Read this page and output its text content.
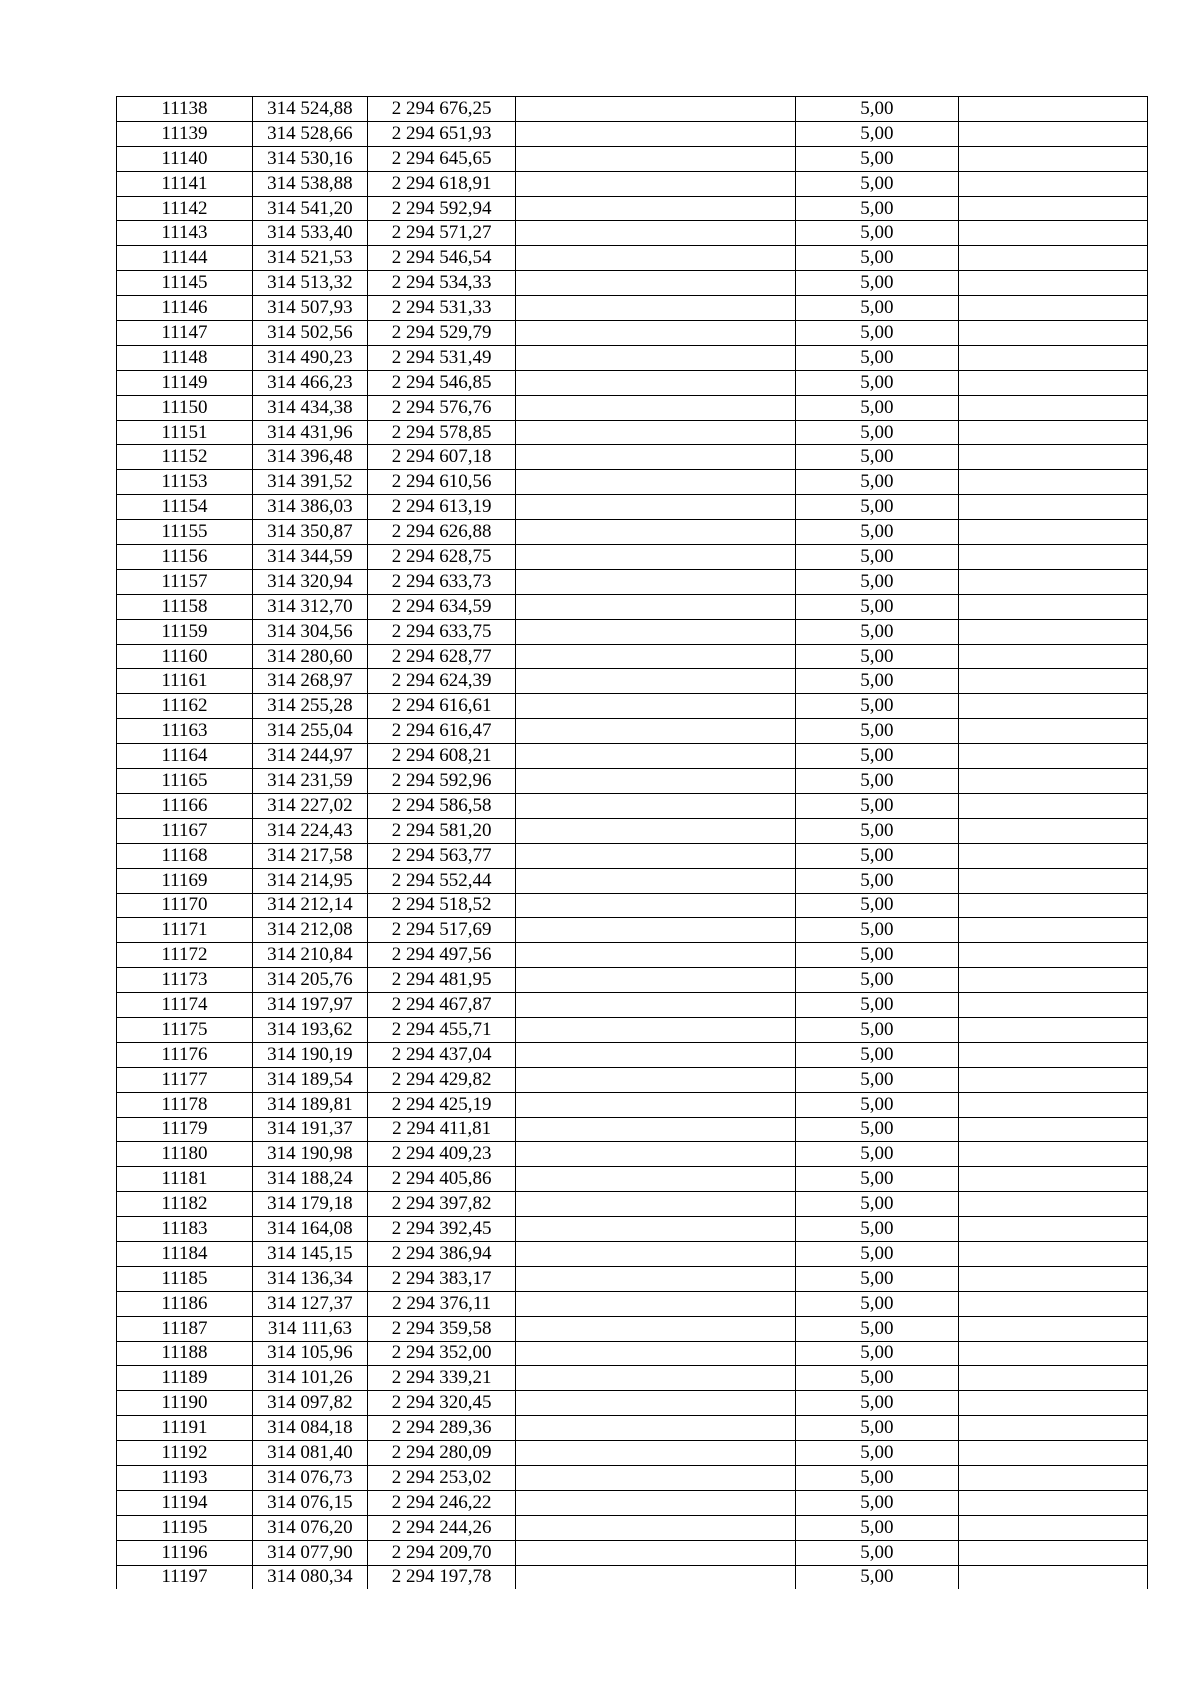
11138	314 524,88	2 294 676,25		5,00	
11139	314 528,66	2 294 651,93		5,00	
11140	314 530,16	2 294 645,65		5,00	
11141	314 538,88	2 294 618,91		5,00	
11142	314 541,20	2 294 592,94		5,00	
11143	314 533,40	2 294 571,27		5,00	
11144	314 521,53	2 294 546,54		5,00	
11145	314 513,32	2 294 534,33		5,00	
11146	314 507,93	2 294 531,33		5,00	
11147	314 502,56	2 294 529,79		5,00	
11148	314 490,23	2 294 531,49		5,00	
11149	314 466,23	2 294 546,85		5,00	
11150	314 434,38	2 294 576,76		5,00	
11151	314 431,96	2 294 578,85		5,00	
11152	314 396,48	2 294 607,18		5,00	
11153	314 391,52	2 294 610,56		5,00	
11154	314 386,03	2 294 613,19		5,00	
11155	314 350,87	2 294 626,88		5,00	
11156	314 344,59	2 294 628,75		5,00	
11157	314 320,94	2 294 633,73		5,00	
11158	314 312,70	2 294 634,59		5,00	
11159	314 304,56	2 294 633,75		5,00	
11160	314 280,60	2 294 628,77		5,00	
11161	314 268,97	2 294 624,39		5,00	
11162	314 255,28	2 294 616,61		5,00	
11163	314 255,04	2 294 616,47		5,00	
11164	314 244,97	2 294 608,21		5,00	
11165	314 231,59	2 294 592,96		5,00	
11166	314 227,02	2 294 586,58		5,00	
11167	314 224,43	2 294 581,20		5,00	
11168	314 217,58	2 294 563,77		5,00	
11169	314 214,95	2 294 552,44		5,00	
11170	314 212,14	2 294 518,52		5,00	
11171	314 212,08	2 294 517,69		5,00	
11172	314 210,84	2 294 497,56		5,00	
11173	314 205,76	2 294 481,95		5,00	
11174	314 197,97	2 294 467,87		5,00	
11175	314 193,62	2 294 455,71		5,00	
11176	314 190,19	2 294 437,04		5,00	
11177	314 189,54	2 294 429,82		5,00	
11178	314 189,81	2 294 425,19		5,00	
11179	314 191,37	2 294 411,81		5,00	
11180	314 190,98	2 294 409,23		5,00	
11181	314 188,24	2 294 405,86		5,00	
11182	314 179,18	2 294 397,82		5,00	
11183	314 164,08	2 294 392,45		5,00	
11184	314 145,15	2 294 386,94		5,00	
11185	314 136,34	2 294 383,17		5,00	
11186	314 127,37	2 294 376,11		5,00	
11187	314 111,63	2 294 359,58		5,00	
11188	314 105,96	2 294 352,00		5,00	
11189	314 101,26	2 294 339,21		5,00	
11190	314 097,82	2 294 320,45		5,00	
11191	314 084,18	2 294 289,36		5,00	
11192	314 081,40	2 294 280,09		5,00	
11193	314 076,73	2 294 253,02		5,00	
11194	314 076,15	2 294 246,22		5,00	
11195	314 076,20	2 294 244,26		5,00	
11196	314 077,90	2 294 209,70		5,00	
11197	314 080,34	2 294 197,78		5,00	
